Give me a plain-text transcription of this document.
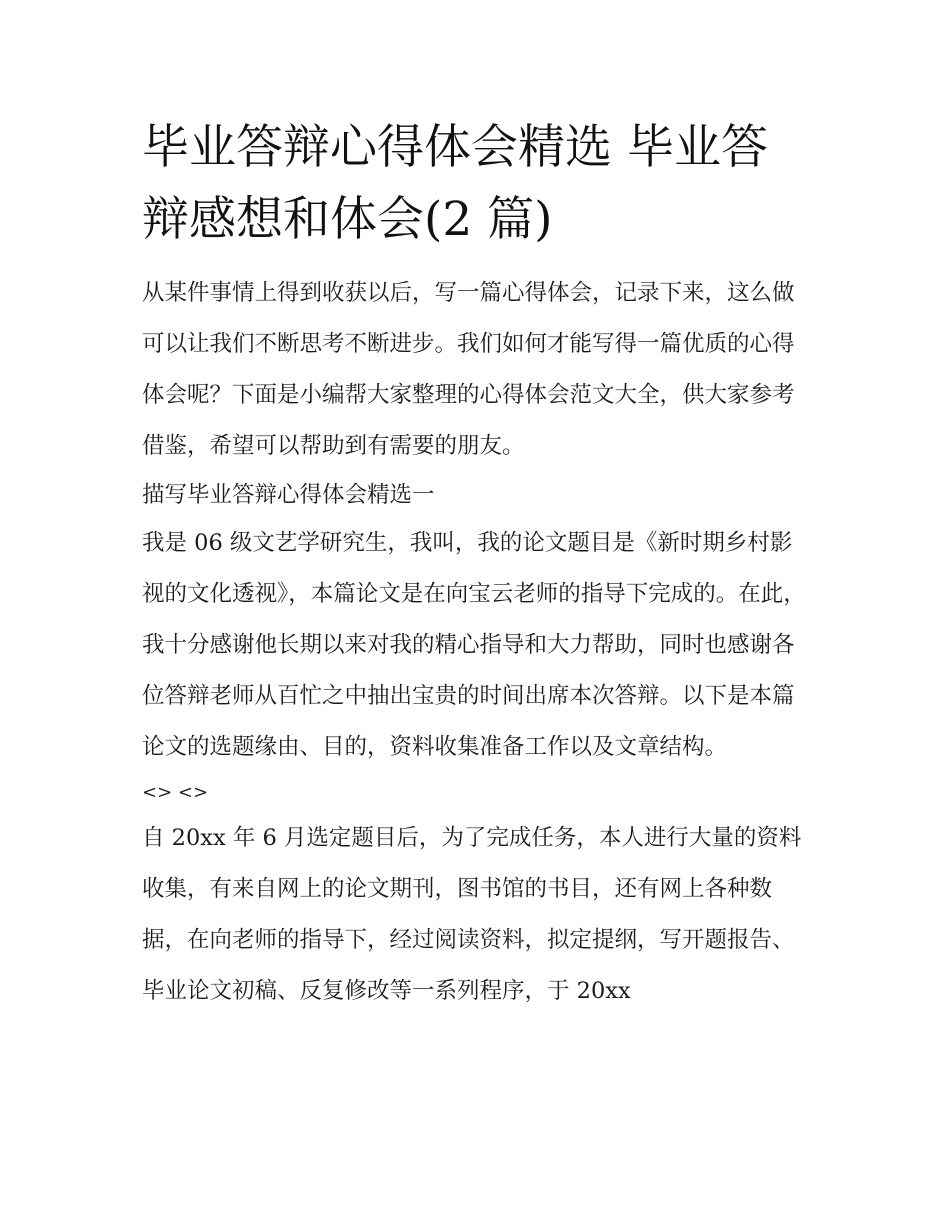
毕业答辩心得体会精选 毕业答辩感想和体会(2 篇)

从某件事情上得到收获以后，写一篇心得体会，记录下来，这么做可以让我们不断思考不断进步。我们如何才能写得一篇优质的心得体会呢？下面是小编帮大家整理的心得体会范文大全，供大家参考借鉴，希望可以帮助到有需要的朋友。

描写毕业答辩心得体会精选一

我是 06 级文艺学研究生，我叫，我的论文题目是《新时期乡村影视的文化透视》，本篇论文是在向宝云老师的指导下完成的。在此，我十分感谢他长期以来对我的精心指导和大力帮助，同时也感谢各位答辩老师从百忙之中抽出宝贵的时间出席本次答辩。以下是本篇论文的选题缘由、目的，资料收集准备工作以及文章结构。

<> <>

自 20xx 年 6 月选定题目后，为了完成任务，本人进行大量的资料收集，有来自网上的论文期刊，图书馆的书目，还有网上各种数据，在向老师的指导下，经过阅读资料，拟定提纲，写开题报告、毕业论文初稿、反复修改等一系列程序，于 20xx
